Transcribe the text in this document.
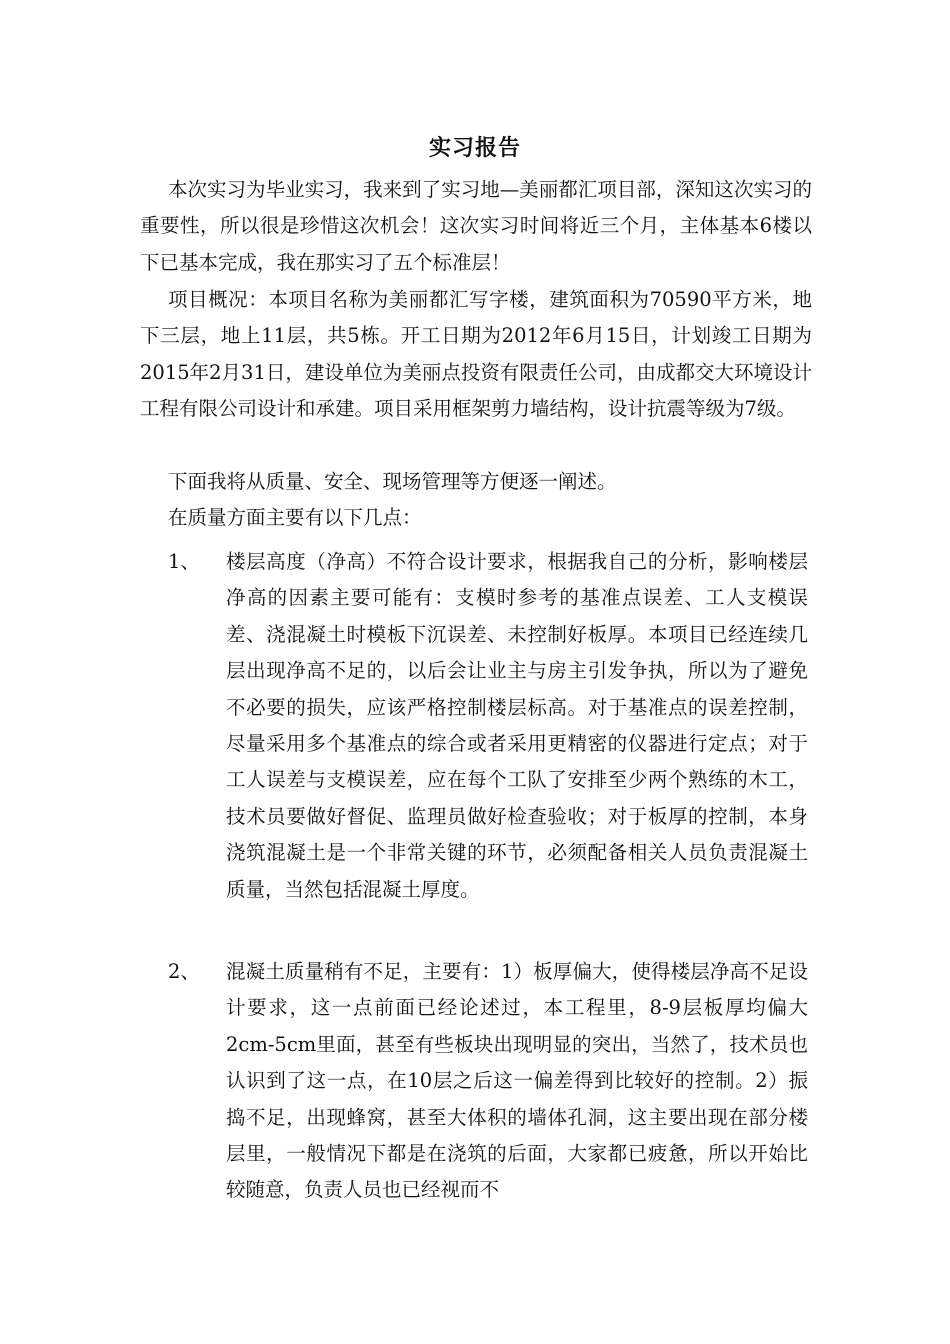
实习报告

本次实习为毕业实习，我来到了实习地—美丽都汇项目部，深知这次实习的重要性，所以很是珍惜这次机会！这次实习时间将近三个月，主体基本6楼以下已基本完成，我在那实习了五个标准层！

项目概况：本项目名称为美丽都汇写字楼，建筑面积为70590平方米，地下三层，地上11层，共5栋。开工日期为2012年6月15日，计划竣工日期为2015年2月31日，建设单位为美丽点投资有限责任公司，由成都交大环境设计工程有限公司设计和承建。项目采用框架剪力墙结构，设计抗震等级为7级。

下面我将从质量、安全、现场管理等方便逐一阐述。

在质量方面主要有以下几点：

1、 楼层高度（净高）不符合设计要求，根据我自己的分析，影响楼层净高的因素主要可能有：支模时参考的基准点误差、工人支模误差、浇混凝土时模板下沉误差、未控制好板厚。本项目已经连续几层出现净高不足的，以后会让业主与房主引发争执，所以为了避免不必要的损失，应该严格控制楼层标高。对于基准点的误差控制，尽量采用多个基准点的综合或者采用更精密的仪器进行定点；对于工人误差与支模误差，应在每个工队了安排至少两个熟练的木工，技术员要做好督促、监理员做好检查验收；对于板厚的控制，本身浇筑混凝土是一个非常关键的环节，必须配备相关人员负责混凝土质量，当然包括混凝土厚度。

2、 混凝土质量稍有不足，主要有：1）板厚偏大，使得楼层净高不足设计要求，这一点前面已经论述过，本工程里，8-9层板厚均偏大2cm-5cm里面，甚至有些板块出现明显的突出，当然了，技术员也认识到了这一点，在10层之后这一偏差得到比较好的控制。2）振捣不足，出现蜂窝，甚至大体积的墙体孔洞，这主要出现在部分楼层里，一般情况下都是在浇筑的后面，大家都已疲惫，所以开始比较随意，负责人员也已经视而不
